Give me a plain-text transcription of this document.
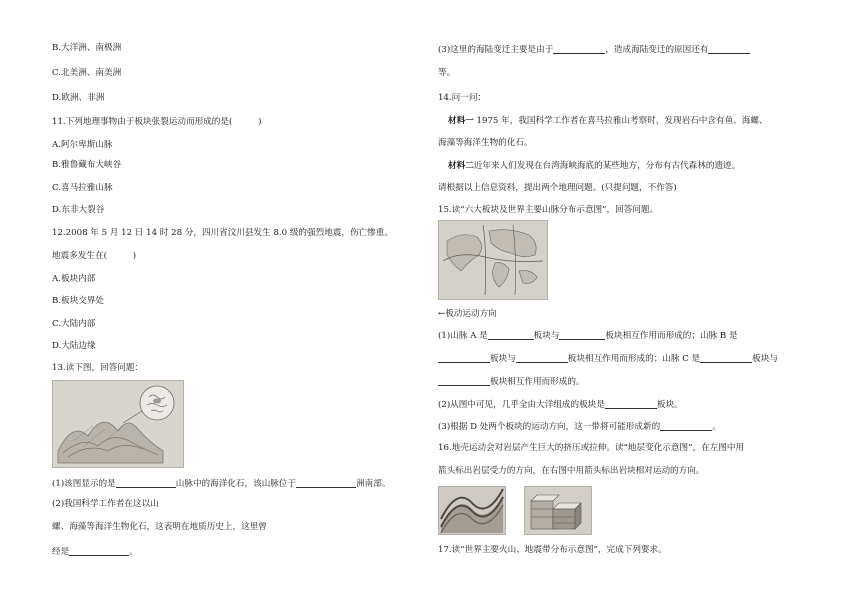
B.大洋洲、南极洲
C.北美洲、南美洲
D.欧洲、非洲
11.下列地理事物由于板块张裂运动而形成的是(　　　)
A.阿尔卑斯山脉
B.雅鲁藏布大峡谷
C.喜马拉雅山脉
D.东非大裂谷
12.2008 年 5 月 12 日 14 时 28 分，四川省汶川县发生 8.0 级的强烈地震，伤亡惨重。
地震多发生在(　　　)
A.板块内部
B.板块交界处
C.大陆内部
D.大陆边缘
13.读下图，回答问题：
(1)该图显示的是	山脉中的海洋化石，该山脉位于	洲南部。
(2)我国科学工作者在这以山
螺、海藻等海洋生物化石，这表明在地质历史上，这里曾
经是	。
(3)这里的海陆变迁主要是由于	，造成海陆变迁的原因还有
等。
14.问一问：
材料一 1975 年，我国科学工作者在喜马拉雅山考察时，发现岩石中含有鱼、海螺、
海藻等海洋生物的化石。
材料二近年来人们发现在台湾海峡海底的某些地方，分布有古代森林的遗迹。
请根据以上信息资料，提出两个地理问题。(只提问题，不作答)
15.读“六大板块及世界主要山脉分布示意图”，回答问题。
←板动运动方向
(1)山脉 A 是	板块与	板块相互作用而形成的；山脉 B 是
板块与	板块相互作用而形成的；山脉 C 是	板块与
板块相互作用而形成的。
(2)从图中可见，几乎全由大洋组成的板块是	板块。
(3)根据 D 处两个板块的运动方向，这一带将可能形成新的	。
16.地壳运动会对岩层产生巨大的挤压或拉伸。读“地层变化示意图”，在左图中用
箭头标出岩层受力的方向，在右图中用箭头标出岩块相对运动的方向。
17.读“世界主要火山、地震带分布示意图”，完成下列要求。
